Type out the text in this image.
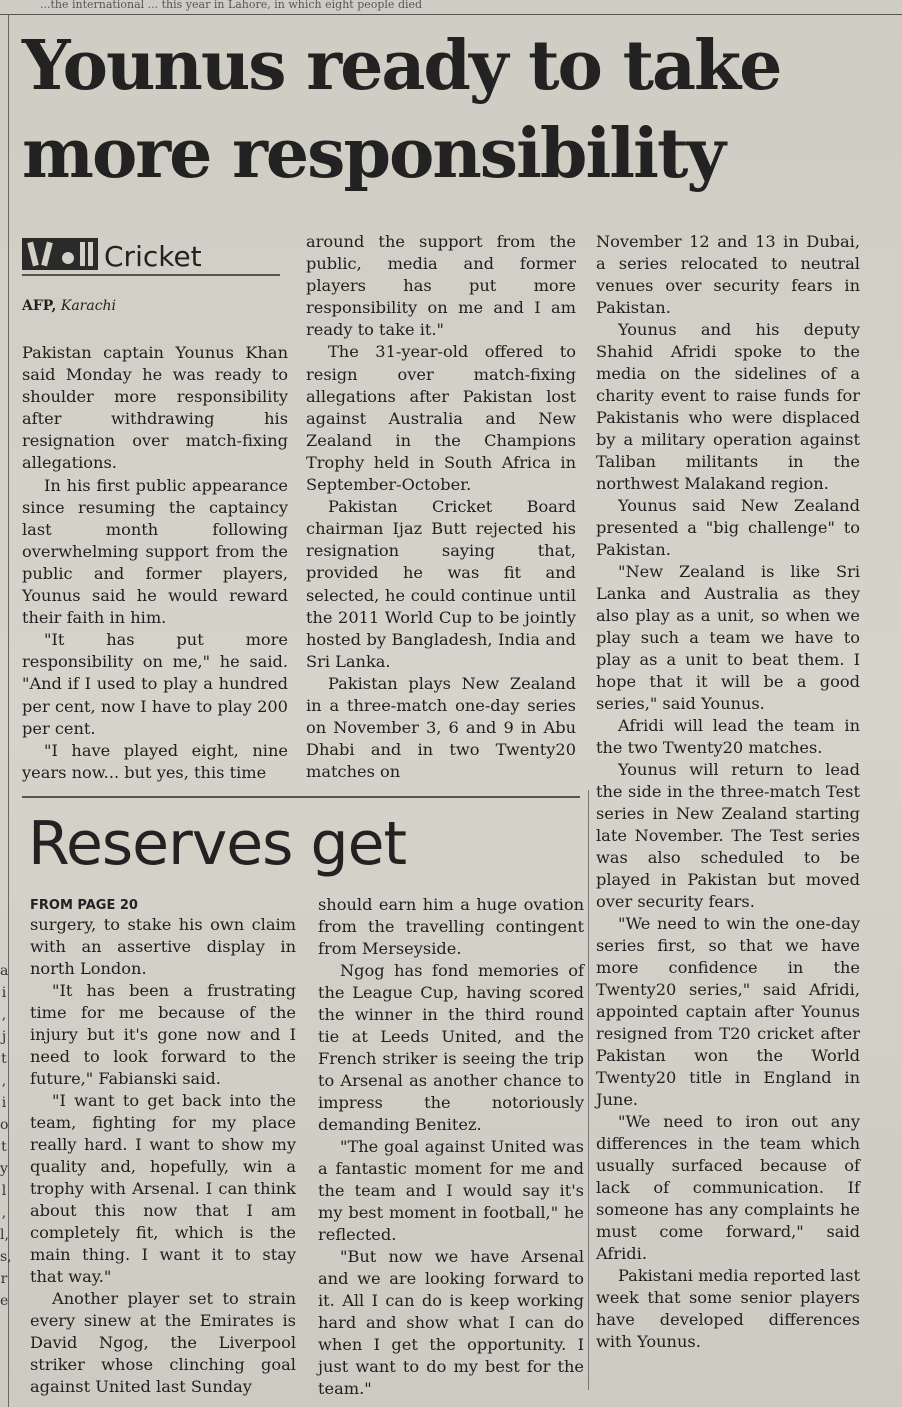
...the international ... this year in Lahore, in which eight people died
a
i
,
j
t
,
i
o
t
y
l
,
l,
s,
r
e
Younus ready to take more responsibility
Cricket
AFP, Karachi

Pakistan captain Younus Khan said Monday he was ready to shoulder more responsibility after withdrawing his resignation over match-fixing allegations.

In his first public appearance since resuming the captaincy last month following overwhelming support from the public and former players, Younus said he would reward their faith in him.

"It has put more responsibility on me," he said. "And if I used to play a hundred per cent, now I have to play 200 per cent.

"I have played eight, nine years now... but yes, this time

around the support from the public, media and former players has put more responsibility on me and I am ready to take it."

The 31-year-old offered to resign over match-fixing allegations after Pakistan lost against Australia and New Zealand in the Champions Trophy held in South Africa in September-October.

Pakistan Cricket Board chairman Ijaz Butt rejected his resignation saying that, provided he was fit and selected, he could continue until the 2011 World Cup to be jointly hosted by Bangladesh, India and Sri Lanka.

Pakistan plays New Zealand in a three-match one-day series on November 3, 6 and 9 in Abu Dhabi and in two Twenty20 matches on

November 12 and 13 in Dubai, a series relocated to neutral venues over security fears in Pakistan.

Younus and his deputy Shahid Afridi spoke to the media on the sidelines of a charity event to raise funds for Pakistanis who were displaced by a military operation against Taliban militants in the northwest Malakand region.

Younus said New Zealand presented a "big challenge" to Pakistan.

"New Zealand is like Sri Lanka and Australia as they also play as a unit, so when we play such a team we have to play as a unit to beat them. I hope that it will be a good series," said Younus.

Afridi will lead the team in the two Twenty20 matches.

Younus will return to lead the side in the three-match Test series in New Zealand starting late November. The Test series was also scheduled to be played in Pakistan but moved over security fears.

"We need to win the one-day series first, so that we have more confidence in the Twenty20 series," said Afridi, appointed captain after Younus resigned from T20 cricket after Pakistan won the World Twenty20 title in England in June.

"We need to iron out any differences in the team which usually surfaced because of lack of communication. If someone has any complaints he must come forward," said Afridi.

Pakistani media reported last week that some senior players have developed differences with Younus.

Reserves get
FROM PAGE 20

surgery, to stake his own claim with an assertive display in north London.

"It has been a frustrating time for me because of the injury but it's gone now and I need to look forward to the future," Fabianski said.

"I want to get back into the team, fighting for my place really hard. I want to show my quality and, hopefully, win a trophy with Arsenal. I can think about this now that I am completely fit, which is the main thing. I want it to stay that way."

Another player set to strain every sinew at the Emirates is David Ngog, the Liverpool striker whose clinching goal against United last Sunday

should earn him a huge ovation from the travelling contingent from Merseyside.

Ngog has fond memories of the League Cup, having scored the winner in the third round tie at Leeds United, and the French striker is seeing the trip to Arsenal as another chance to impress the notoriously demanding Benitez.

"The goal against United was a fantastic moment for me and the team and I would say it's my best moment in football," he reflected.

"But now we have Arsenal and we are looking forward to it. All I can do is keep working hard and show what I can do when I get the opportunity. I just want to do my best for the team."
